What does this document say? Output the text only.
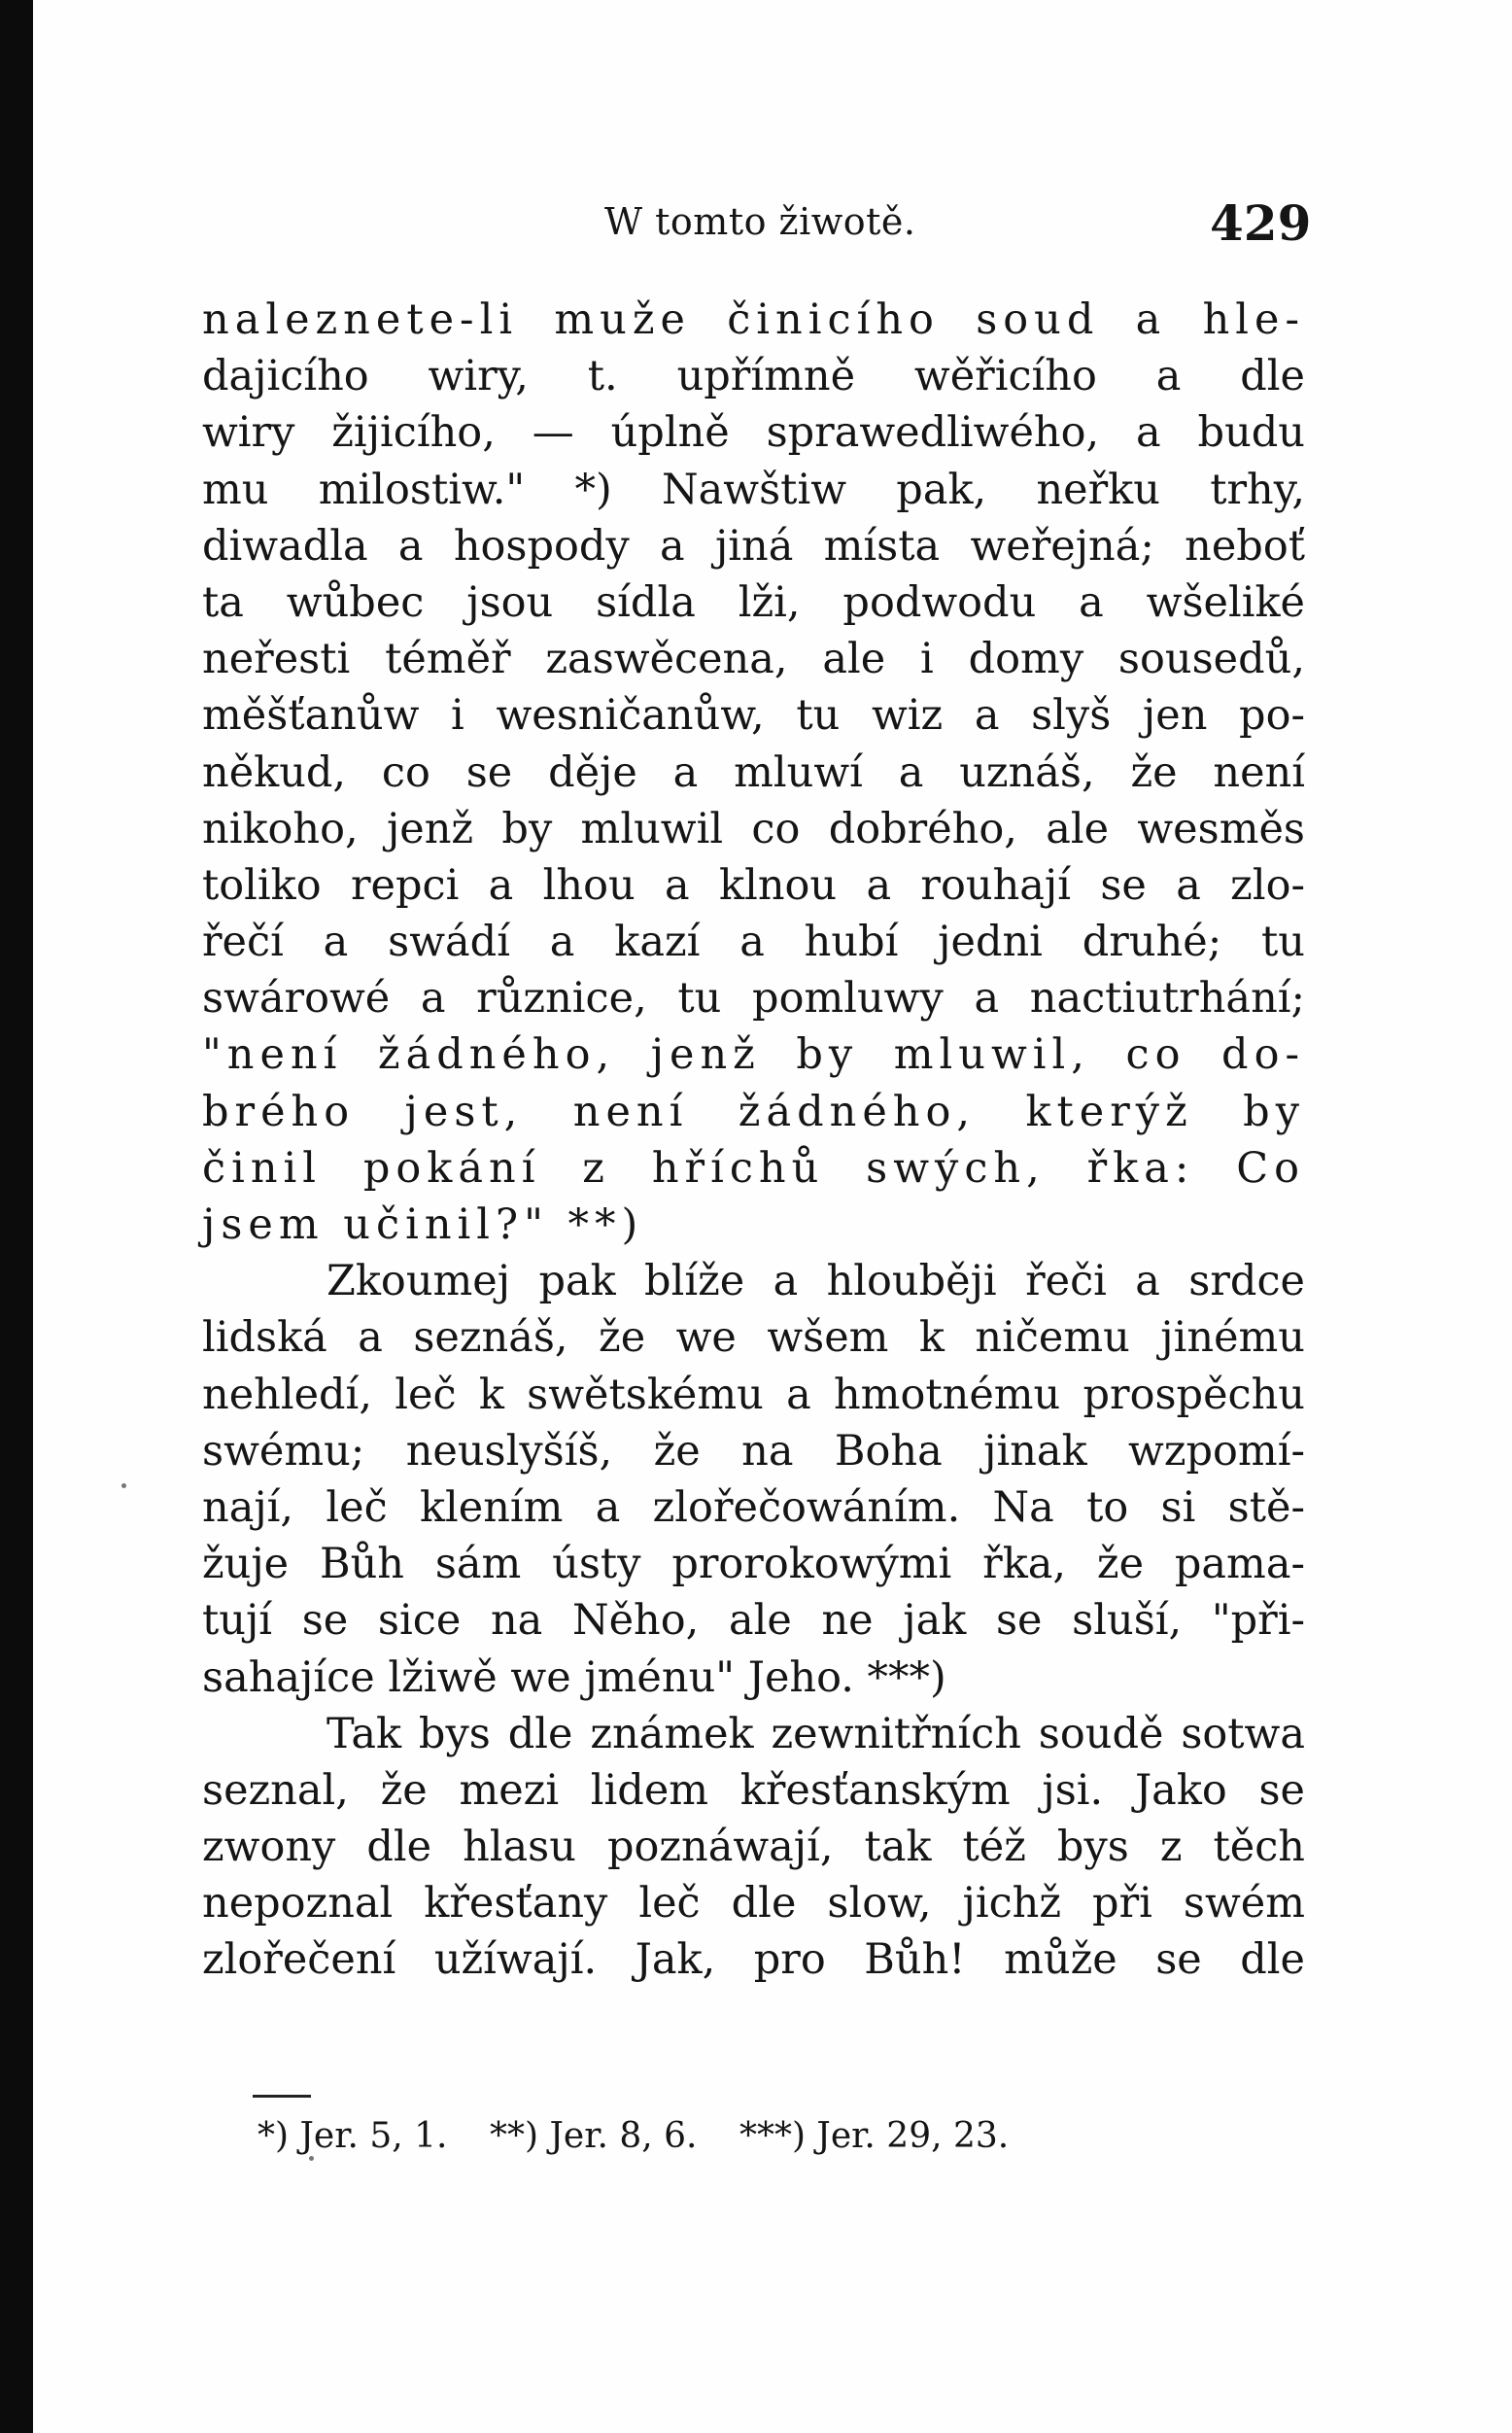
W tomto žiwotě.	429
naleznete-li muže činicího soud a hle-
dajicího wiry, t. upřímně wěřicího a dle
wiry žijicího, — úplně sprawedliwého, a budu
mu milostiw." *) Nawštiw pak, neřku trhy,
diwadla a hospody a jiná místa weřejná; neboť
ta wůbec jsou sídla lži, podwodu a wšeliké
neřesti téměř zaswěcena, ale i domy sousedů,
měšťanůw i wesničanůw, tu wiz a slyš jen po-
někud, co se děje a mluwí a uznáš, že není
nikoho, jenž by mluwil co dobrého, ale wesměs
toliko repci a lhou a klnou a rouhají se a zlo-
řečí a swádí a kazí a hubí jedni druhé; tu
swárowé a různice, tu pomluwy a nactiutrhání;
"není žádného, jenž by mluwil, co do-
brého jest, není žádného, kterýž by
činil pokání z hříchů swých, řka: Co
jsem učinil?" **)
Zkoumej pak blíže a hlouběji řeči a srdce
lidská a seznáš, že we wšem k ničemu jinému
nehledí, leč k swětskému a hmotnému prospěchu
swému; neuslyšíš, že na Boha jinak wzpomí-
nají, leč klením a zlořečowáním. Na to si stě-
žuje Bůh sám ústy prorokowými řka, že pama-
tují se sice na Něho, ale ne jak se sluší, "při-
sahajíce lžiwě we jménu" Jeho. ***)
Tak bys dle známek zewnitřních soudě sotwa
seznal, že mezi lidem křesťanským jsi. Jako se
zwony dle hlasu poznáwají, tak též bys z těch
nepoznal křesťany leč dle slow, jichž při swém
zlořečení užíwají. Jak, pro Bůh! může se dle
*) Jer. 5, 1. **) Jer. 8, 6. ***) Jer. 29, 23.
